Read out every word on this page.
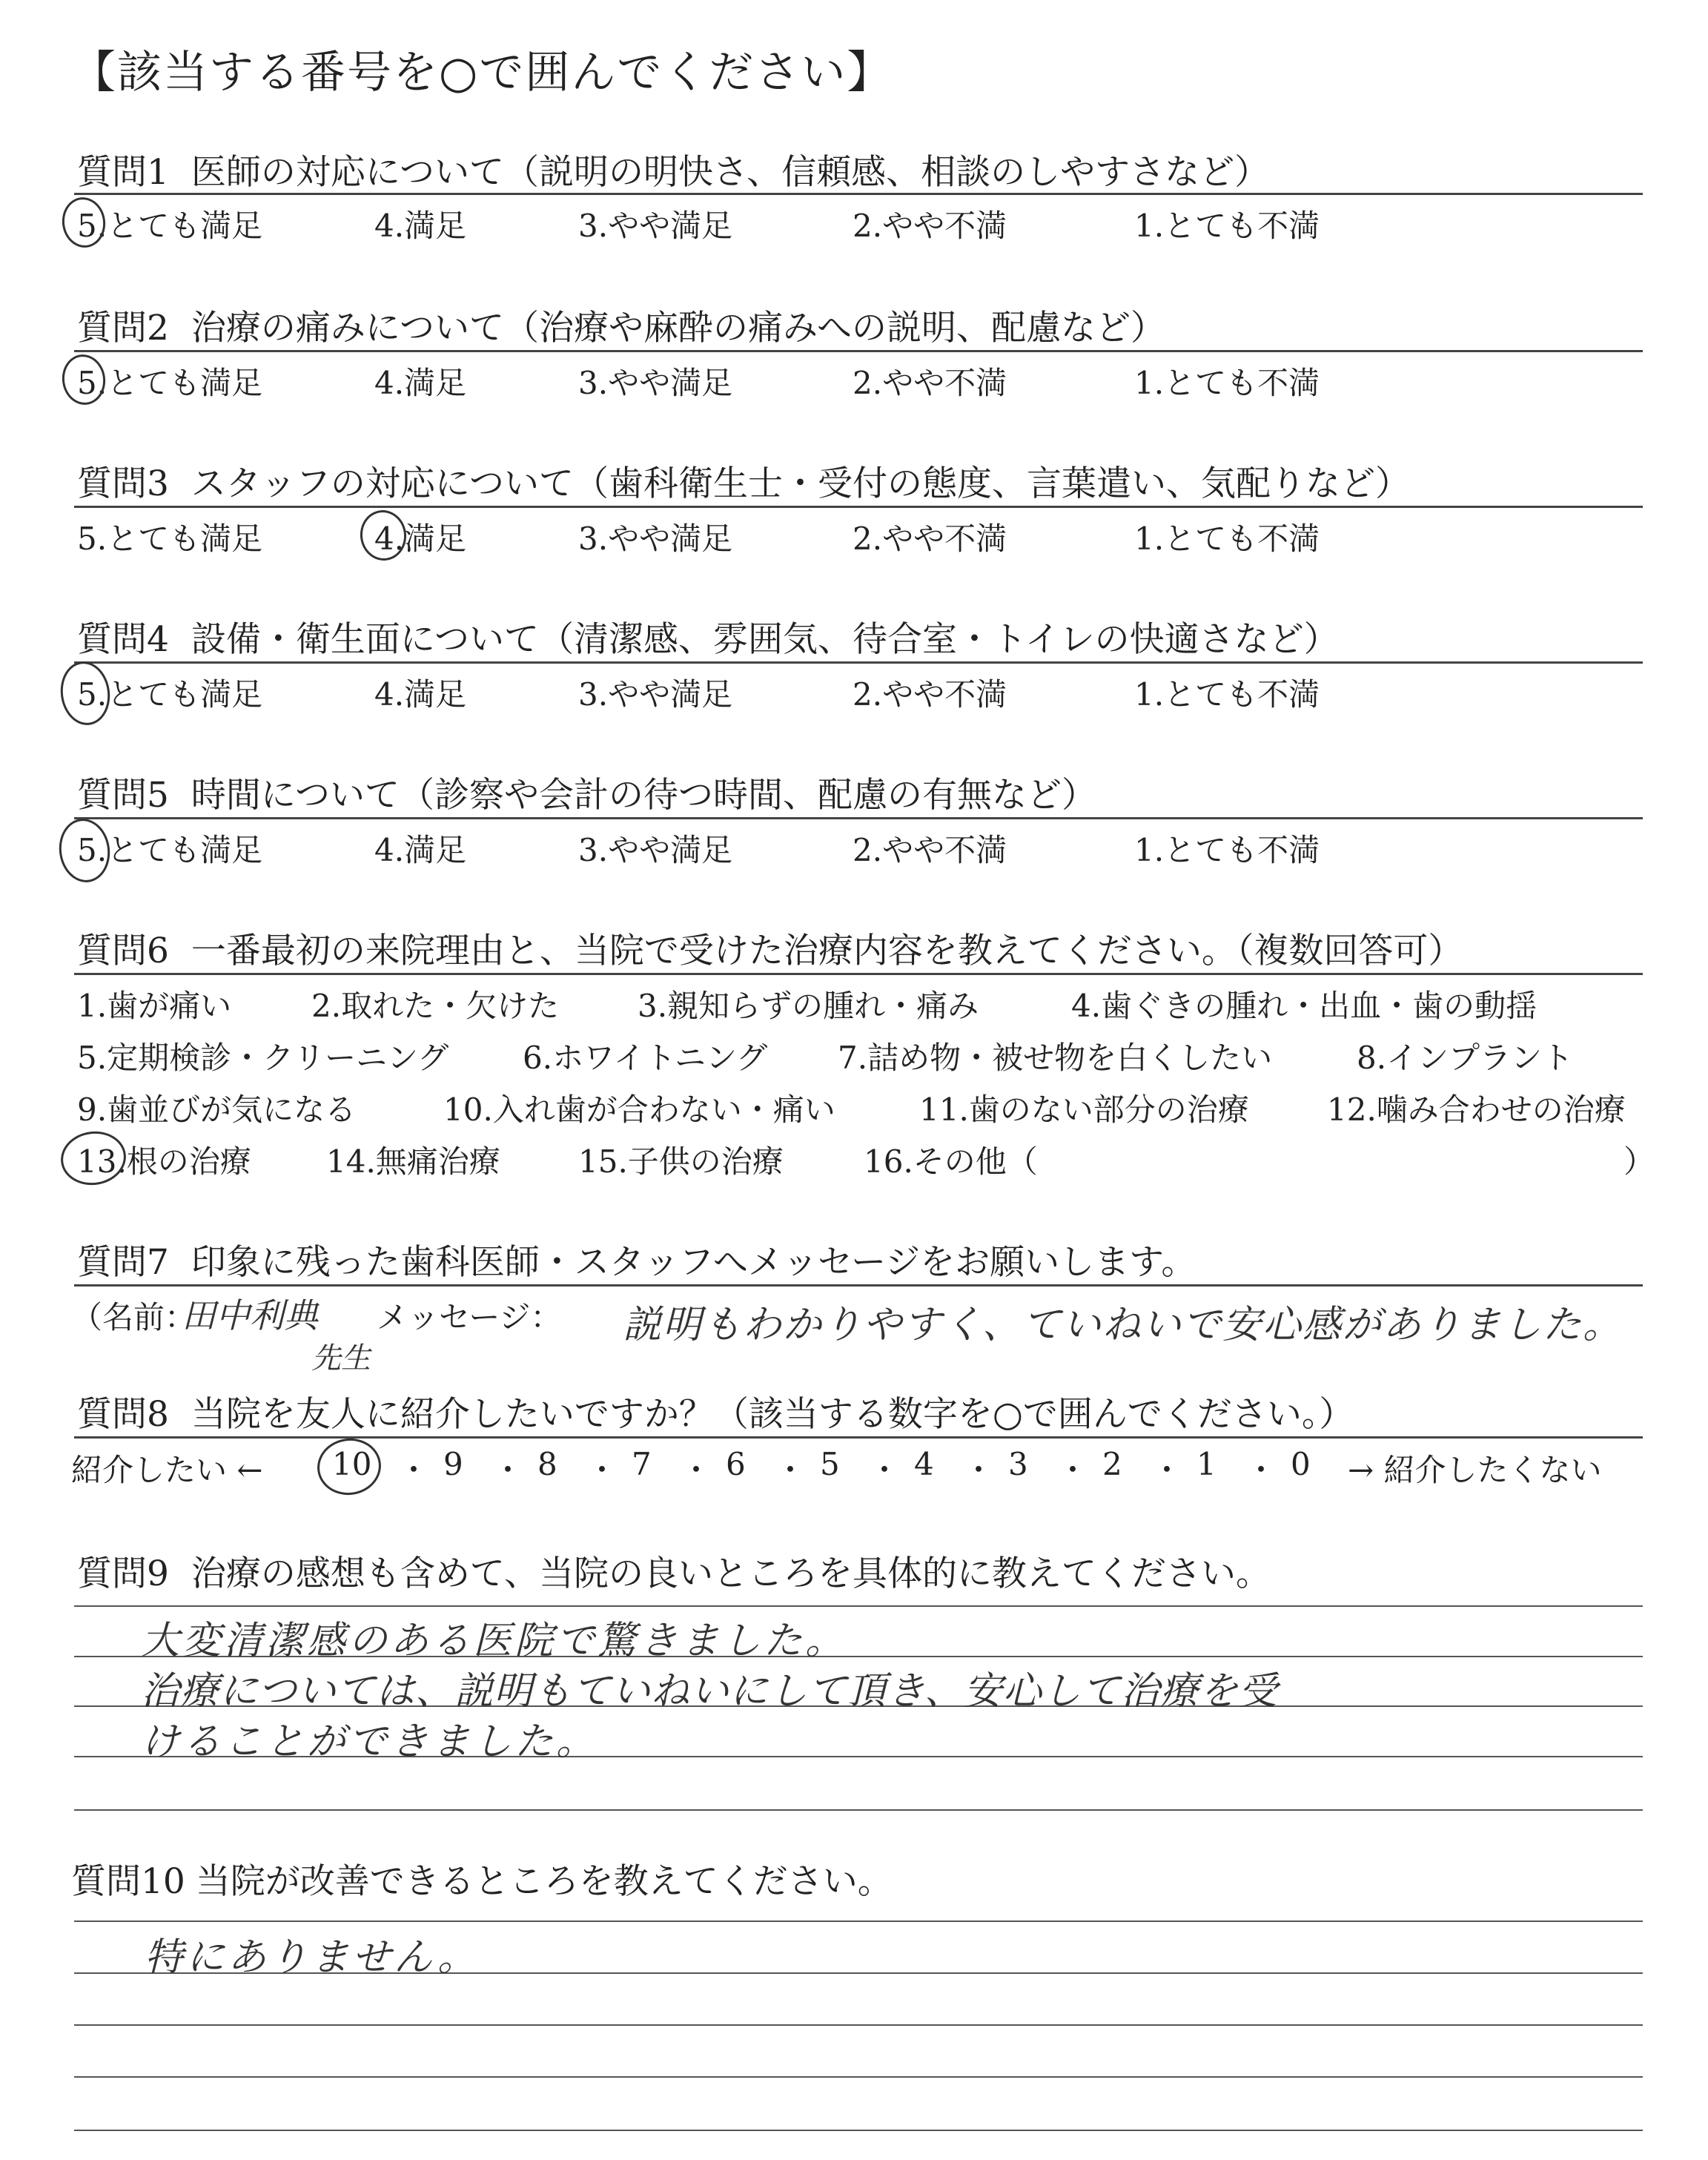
【該当する番号を○で囲んでください】
質問1 医師の対応について（説明の明快さ、信頼感、相談のしやすさなど）
5.とても満足	4.満足	3.やや満足	2.やや不満	1.とても不満
質問2 治療の痛みについて（治療や麻酔の痛みへの説明、配慮など）
5.とても満足	4.満足	3.やや満足	2.やや不満	1.とても不満
質問3 スタッフの対応について（歯科衛生士・受付の態度、言葉遣い、気配りなど）
5.とても満足	4.満足	3.やや満足	2.やや不満	1.とても不満
質問4 設備・衛生面について（清潔感、雰囲気、待合室・トイレの快適さなど）
5.とても満足	4.満足	3.やや満足	2.やや不満	1.とても不満
質問5 時間について（診察や会計の待つ時間、配慮の有無など）
5.とても満足	4.満足	3.やや満足	2.やや不満	1.とても不満
質問6 一番最初の来院理由と、当院で受けた治療内容を教えてください。（複数回答可）
1.歯が痛い	2.取れた・欠けた	3.親知らずの腫れ・痛み	4.歯ぐきの腫れ・出血・歯の動揺
5.定期検診・クリーニング 6.ホワイトニング 7.詰め物・被せ物を白くしたい	8.インプラント
9.歯並びが気になる	10.入れ歯が合わない・痛い	11.歯のない部分の治療	12.噛み合わせの治療
13.根の治療 14.無痛治療	15.子供の治療	16.その他（	）
質問7 印象に残った歯科医師・スタッフへメッセージをお願いします。
（名前：
田中利典
先生
メッセージ： 説明もわかりやすく、ていねいで安心感がありました。
質問8 当院を友人に紹介したいですか？（該当する数字を○で囲んでください。）
紹介したい ← 10 ・ 9 ・ 8 ・ 7 ・ 6 ・ 5 ・ 4 ・ 3 ・ 2 ・ 1 ・ 0 → 紹介したくない
質問9 治療の感想も含めて、当院の良いところを具体的に教えてください。
大変清潔感のある医院で驚きました。
治療については、説明もていねいにして頂き、安心して治療を受
けることができました。
質問10 当院が改善できるところを教えてください。
特にありません。
